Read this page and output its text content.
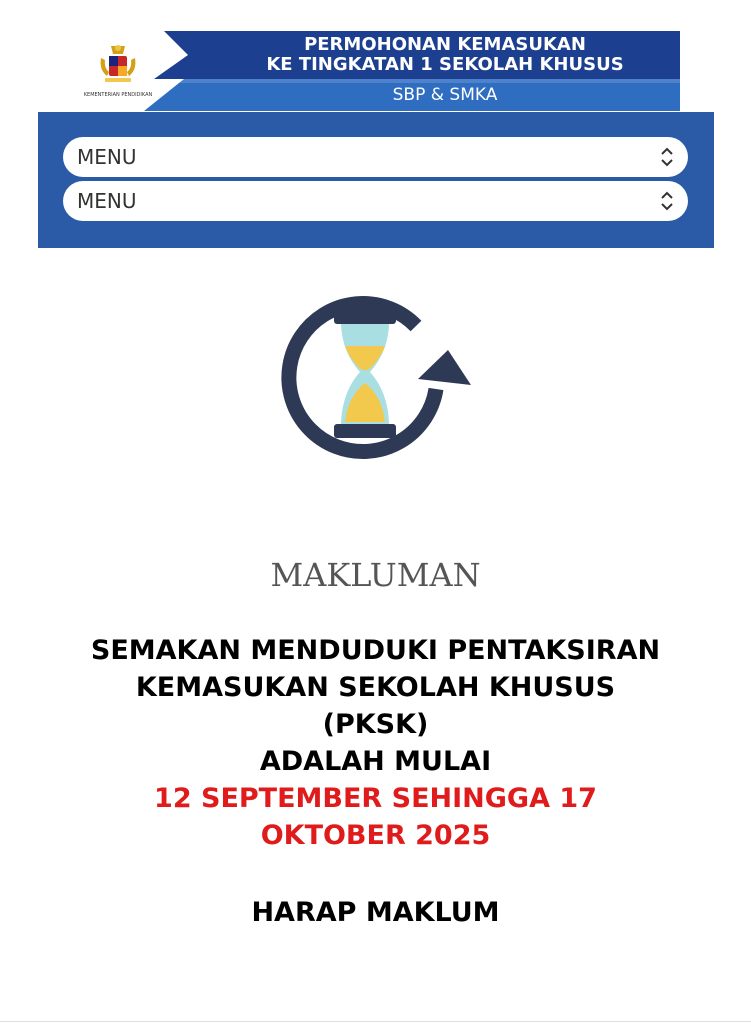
KEMENTERIAN PENDIDIKAN
PERMOHONAN KEMASUKAN
KE TINGKATAN 1 SEKOLAH KHUSUS
SBP & SMKA
MENU
MENU
MAKLUMAN
SEMAKAN MENDUDUKI PENTAKSIRAN
KEMASUKAN SEKOLAH KHUSUS
(PKSK)
ADALAH MULAI
12 SEPTEMBER SEHINGGA 17
OKTOBER 2025
HARAP MAKLUM
